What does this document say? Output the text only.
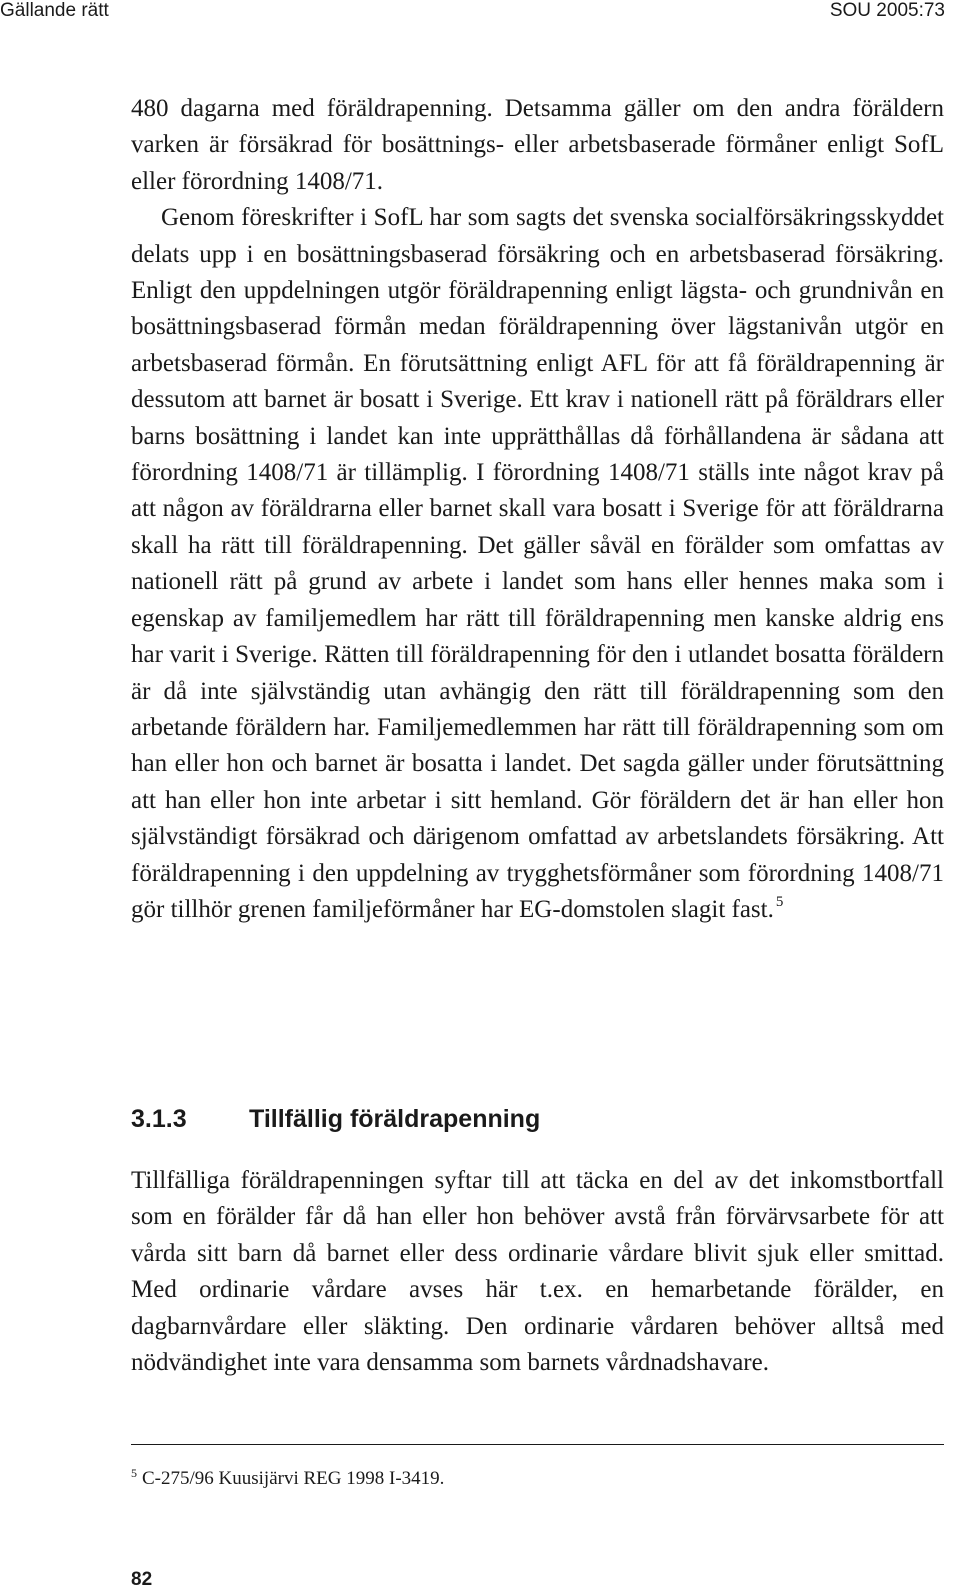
Gällande rätt	SOU 2005:73

480 dagarna med föräldrapenning. Detsamma gäller om den andra föräldern varken är försäkrad för bosättnings- eller arbetsbaserade förmåner enligt SofL eller förordning 1408/71.

Genom föreskrifter i SofL har som sagts det svenska socialförsäkringsskyddet delats upp i en bosättningsbaserad försäkring och en arbetsbaserad försäkring. Enligt den uppdelningen utgör föräldrapenning enligt lägsta- och grundnivån en bosättningsbaserad förmån medan föräldrapenning över lägstanivån utgör en arbetsbaserad förmån. En förutsättning enligt AFL för att få föräldrapenning är dessutom att barnet är bosatt i Sverige. Ett krav i nationell rätt på föräldrars eller barns bosättning i landet kan inte upprätthållas då förhållandena är sådana att förordning 1408/71 är tillämplig. I förordning 1408/71 ställs inte något krav på att någon av föräldrarna eller barnet skall vara bosatt i Sverige för att föräldrarna skall ha rätt till föräldrapenning. Det gäller såväl en förälder som omfattas av nationell rätt på grund av arbete i landet som hans eller hennes maka som i egenskap av familjemedlem har rätt till föräldrapenning men kanske aldrig ens har varit i Sverige. Rätten till föräldrapenning för den i utlandet bosatta föräldern är då inte självständig utan avhängig den rätt till föräldrapenning som den arbetande föräldern har. Familjemedlemmen har rätt till föräldrapenning som om han eller hon och barnet är bosatta i landet. Det sagda gäller under förutsättning att han eller hon inte arbetar i sitt hemland. Gör föräldern det är han eller hon självständigt försäkrad och därigenom omfattad av arbetslandets försäkring. Att föräldrapenning i den uppdelning av trygghetsförmåner som förordning 1408/71 gör tillhör grenen familjeförmåner har EG-domstolen slagit fast. $^5$

3.1.3 Tillfällig föräldrapenning

Tillfälliga föräldrapenningen syftar till att täcka en del av det inkomstbortfall som en förälder får då han eller hon behöver avstå från förvärvsarbete för att vårda sitt barn då barnet eller dess ordinarie vårdare blivit sjuk eller smittad. Med ordinarie vårdare avses här t.ex. en hemarbetande förälder, en dagbarnvårdare eller släkting. Den ordinarie vårdaren behöver alltså med nödvändighet inte vara densamma som barnets vårdnadshavare.

$^5$ C-275/96 Kuusijärvi REG 1998 I-3419.
82
